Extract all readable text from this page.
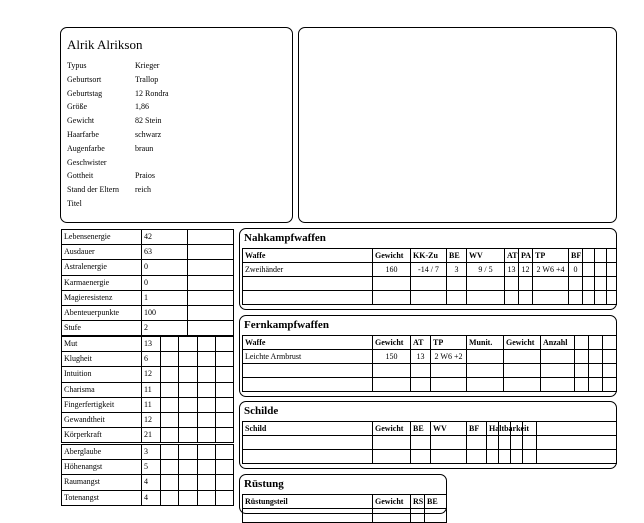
Alrik Alrikson
Typus	Krieger
Geburtsort	Trallop
Geburtstag	12 Rondra
Größe	1,86
Gewicht	82 Stein
Haarfarbe	schwarz
Augenfarbe	braun
Geschwister	
Gottheit	Praios
Stand der Eltern	reich
Titel	
Lebensenergie	42	
Ausdauer	63	
Astralenergie	0	
Karmaenergie	0	
Magieresistenz	1	
Abenteuerpunkte	100	
Stufe	2	
Mut	13				
Klugheit	6				
Intuition	12				
Charisma	11				
Fingerfertigkeit	11				
Gewandtheit	12				
Körperkraft	21				
Aberglaube	3				
Höhenangst	5				
Raumangst	4				
Totenangst	4				
Nahkampfwaffen
Waffe	Gewicht	KK-Zu	BE	WV	AT	PA	TP	BF			
Zweihänder	160	-14 / 7	3	9 / 5	13	12	2 W6 +4	0			

Fernkampfwaffen
Waffe	Gewicht	AT	TP	Munit.	Gewicht	Anzahl			
Leichte Armbrust	150	13	2 W6 +2						

Schilde
Schild	Gewicht	BE	WV	BF	Haltbarkeit				

Rüstung
Rüstungsteil	Gewicht	RS	BE
